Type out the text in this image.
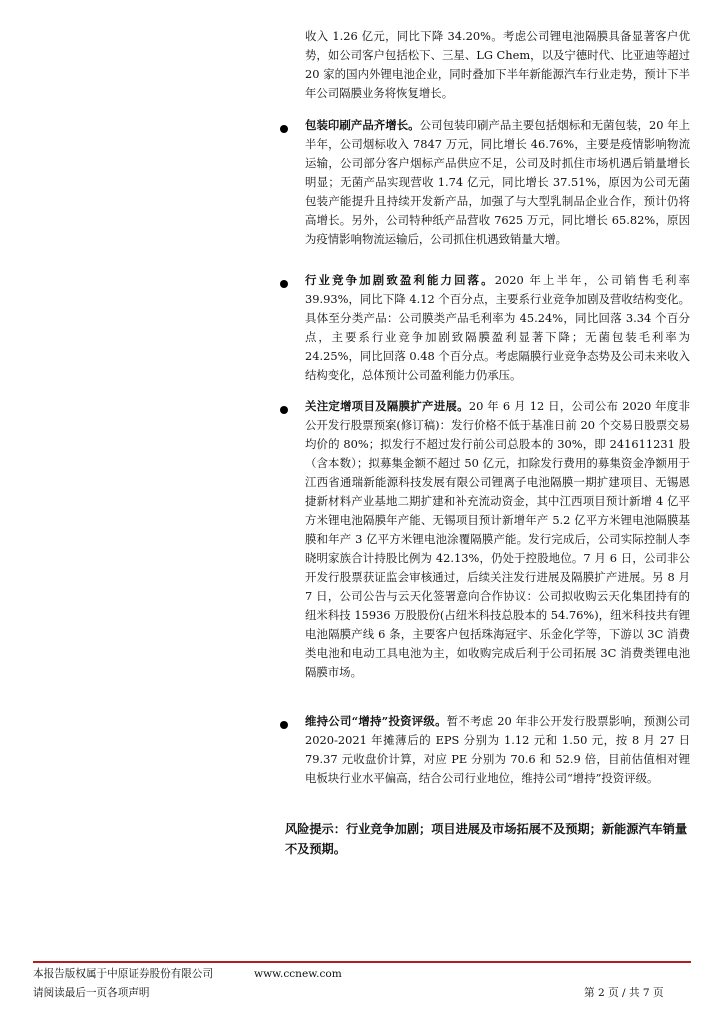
收入 1.26 亿元，同比下降 34.20%。考虑公司锂电池隔膜具备显著客户优势，如公司客户包括松下、三星、LG Chem，以及宁德时代、比亚迪等超过 20 家的国内外锂电池企业，同时叠加下半年新能源汽车行业走势，预计下半年公司隔膜业务将恢复增长。

包装印刷产品齐增长。公司包装印刷产品主要包括烟标和无菌包装，20 年上半年，公司烟标收入 7847 万元，同比增长 46.76%，主要是疫情影响物流运输，公司部分客户烟标产品供应不足，公司及时抓住市场机遇后销量增长明显；无菌产品实现营收 1.74 亿元，同比增长 37.51%，原因为公司无菌包装产能提升且持续开发新产品，加强了与大型乳制品企业合作，预计仍将高增长。另外，公司特种纸产品营收 7625 万元，同比增长 65.82%，原因为疫情影响物流运输后，公司抓住机遇致销量大增。

行业竞争加剧致盈利能力回落。2020 年上半年，公司销售毛利率 39.93%，同比下降 4.12 个百分点，主要系行业竞争加剧及营收结构变化。具体至分类产品：公司膜类产品毛利率为 45.24%，同比回落 3.34 个百分点，主要系行业竞争加剧致隔膜盈利显著下降；无菌包装毛利率为 24.25%，同比回落 0.48 个百分点。考虑隔膜行业竞争态势及公司未来收入结构变化，总体预计公司盈利能力仍承压。

关注定增项目及隔膜扩产进展。20 年 6 月 12 日，公司公布 2020 年度非公开发行股票预案(修订稿)：发行价格不低于基准日前 20 个交易日股票交易均价的 80%；拟发行不超过发行前公司总股本的 30%，即 241611231 股（含本数）；拟募集金额不超过 50 亿元，扣除发行费用的募集资金净额用于江西省通瑞新能源科技发展有限公司锂离子电池隔膜一期扩建项目、无锡恩捷新材料产业基地二期扩建和补充流动资金，其中江西项目预计新增 4 亿平方米锂电池隔膜年产能、无锡项目预计新增年产 5.2 亿平方米锂电池隔膜基膜和年产 3 亿平方米锂电池涂覆隔膜产能。发行完成后，公司实际控制人李晓明家族合计持股比例为 42.13%，仍处于控股地位。7 月 6 日，公司非公开发行股票获证监会审核通过，后续关注发行进展及隔膜扩产进展。另 8 月 7 日，公司公告与云天化签署意向合作协议：公司拟收购云天化集团持有的纽米科技 15936 万股股份(占纽米科技总股本的 54.76%)，纽米科技共有锂电池隔膜产线 6 条，主要客户包括珠海冠宇、乐金化学等，下游以 3C 消费类电池和电动工具电池为主，如收购完成后利于公司拓展 3C 消费类锂电池隔膜市场。

维持公司“增持”投资评级。暂不考虑 20 年非公开发行股票影响，预测公司 2020-2021 年摊薄后的 EPS 分别为 1.12 元和 1.50 元，按 8 月 27 日 79.37 元收盘价计算，对应 PE 分别为 70.6 和 52.9 倍，目前估值相对锂电板块行业水平偏高，结合公司行业地位，维持公司“增持”投资评级。

风险提示：行业竞争加剧；项目进展及市场拓展不及预期；新能源汽车销量不及预期。

本报告版权属于中原证券股份有限公司	www.ccnew.com
请阅读最后一页各项声明	第 2 页 / 共 7 页
